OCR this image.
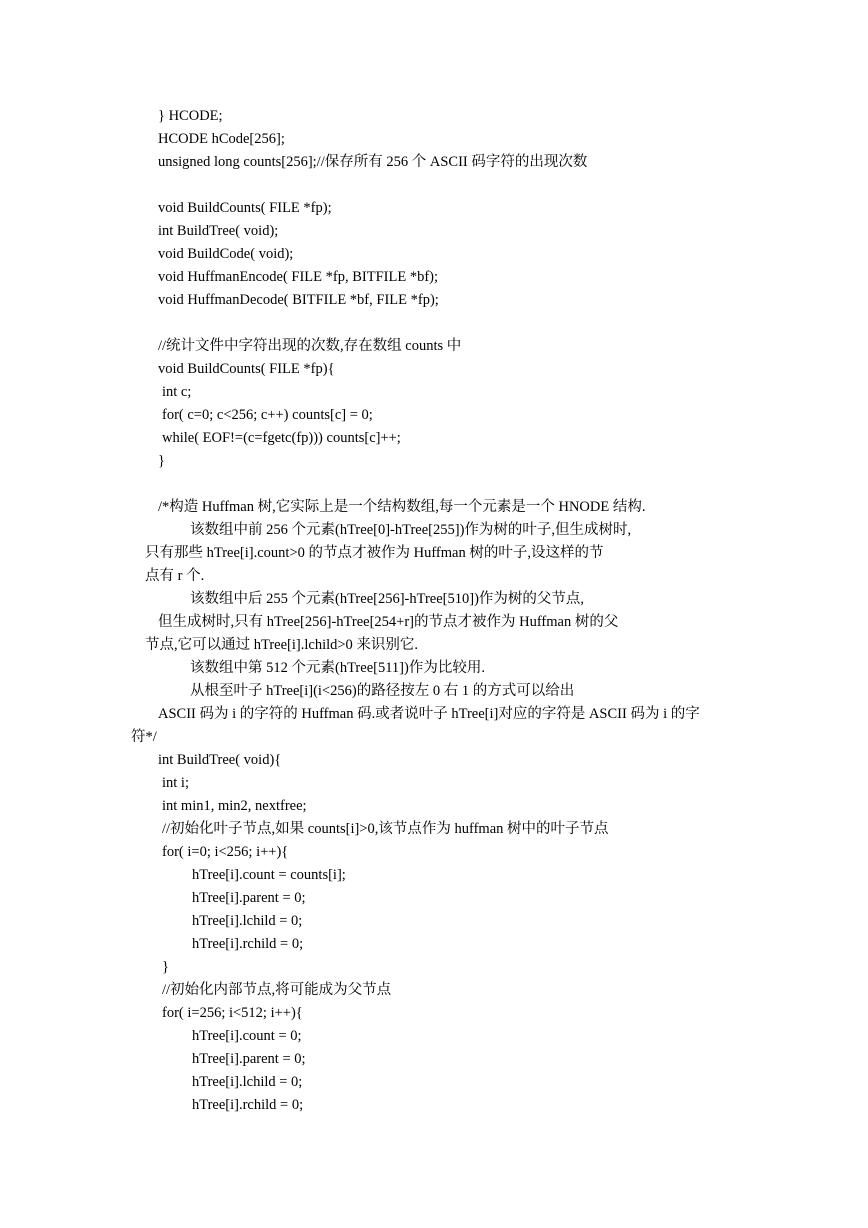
} HCODE;
HCODE hCode[256];
unsigned long counts[256];//保存所有 256 个 ASCII 码字符的出现次数
void BuildCounts( FILE *fp);
int BuildTree( void);
void BuildCode( void);
void HuffmanEncode( FILE *fp, BITFILE *bf);
void HuffmanDecode( BITFILE *bf, FILE *fp);
//统计文件中字符出现的次数,存在数组 counts 中
void BuildCounts( FILE *fp){
int c;
for( c=0; c<256; c++) counts[c] = 0;
while( EOF!=(c=fgetc(fp))) counts[c]++;
}
/*构造 Huffman 树,它实际上是一个结构数组,每一个元素是一个 HNODE 结构.
该数组中前 256 个元素(hTree[0]-hTree[255])作为树的叶子,但生成树时,
只有那些 hTree[i].count>0 的节点才被作为 Huffman 树的叶子,设这样的节
点有 r 个.
该数组中后 255 个元素(hTree[256]-hTree[510])作为树的父节点,
但生成树时,只有 hTree[256]-hTree[254+r]的节点才被作为 Huffman 树的父
节点,它可以通过 hTree[i].lchild>0 来识别它.
该数组中第 512 个元素(hTree[511])作为比较用.
从根至叶子 hTree[i](i<256)的路径按左 0 右 1 的方式可以给出
ASCII 码为 i 的字符的 Huffman 码.或者说叶子 hTree[i]对应的字符是 ASCII 码为 i 的字
符*/
int BuildTree( void){
int i;
int min1, min2, nextfree;
//初始化叶子节点,如果 counts[i]>0,该节点作为 huffman 树中的叶子节点
for( i=0; i<256; i++){
hTree[i].count = counts[i];
hTree[i].parent = 0;
hTree[i].lchild = 0;
hTree[i].rchild = 0;
}
//初始化内部节点,将可能成为父节点
for( i=256; i<512; i++){
hTree[i].count = 0;
hTree[i].parent = 0;
hTree[i].lchild = 0;
hTree[i].rchild = 0;
